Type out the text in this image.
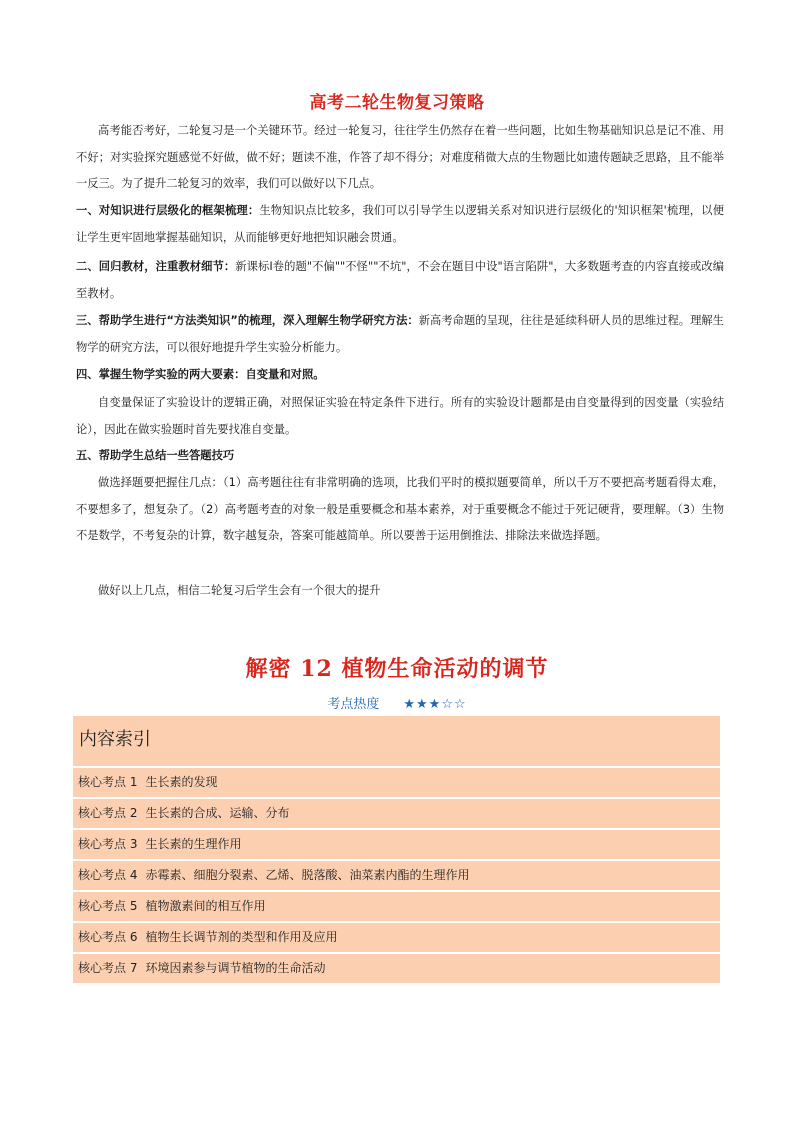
高考二轮生物复习策略

高考能否考好，二轮复习是一个关键环节。经过一轮复习，往往学生仍然存在着一些问题，比如生物基础知识总是记不准、用不好；对实验探究题感觉不好做，做不好；题读不准，作答了却不得分；对难度稍微大点的生物题比如遗传题缺乏思路，且不能举一反三。为了提升二轮复习的效率，我们可以做好以下几点。

一、对知识进行层级化的框架梳理：生物知识点比较多，我们可以引导学生以逻辑关系对知识进行层级化的'知识框架'梳理，以便让学生更牢固地掌握基础知识，从而能够更好地把知识融会贯通。

二、回归教材，注重教材细节：新课标Ⅰ卷的题"不偏""不怪""不坑"，不会在题目中设"语言陷阱"，大多数题考查的内容直接或改编至教材。

三、帮助学生进行“方法类知识”的梳理，深入理解生物学研究方法：新高考命题的呈现，往往是延续科研人员的思维过程。理解生物学的研究方法，可以很好地提升学生实验分析能力。

四、掌握生物学实验的两大要素：自变量和对照。

自变量保证了实验设计的逻辑正确，对照保证实验在特定条件下进行。所有的实验设计题都是由自变量得到的因变量（实验结论），因此在做实验题时首先要找准自变量。

五、帮助学生总结一些答题技巧

做选择题要把握住几点：（1）高考题往往有非常明确的选项，比我们平时的模拟题要简单，所以千万不要把高考题看得太难，不要想多了，想复杂了。（2）高考题考查的对象一般是重要概念和基本素养，对于重要概念不能过于死记硬背，要理解。（3）生物不是数学，不考复杂的计算，数字越复杂，答案可能越简单。所以要善于运用倒推法、排除法来做选择题。

做好以上几点，相信二轮复习后学生会有一个很大的提升

解密 12 植物生命活动的调节
考点热度 ★★★☆☆
内容索引
核心考点 1 生长素的发现
核心考点 2 生长素的合成、运输、分布
核心考点 3 生长素的生理作用
核心考点 4 赤霉素、细胞分裂素、乙烯、脱落酸、油菜素内酯的生理作用
核心考点 5 植物激素间的相互作用
核心考点 6 植物生长调节剂的类型和作用及应用
核心考点 7 环境因素参与调节植物的生命活动
